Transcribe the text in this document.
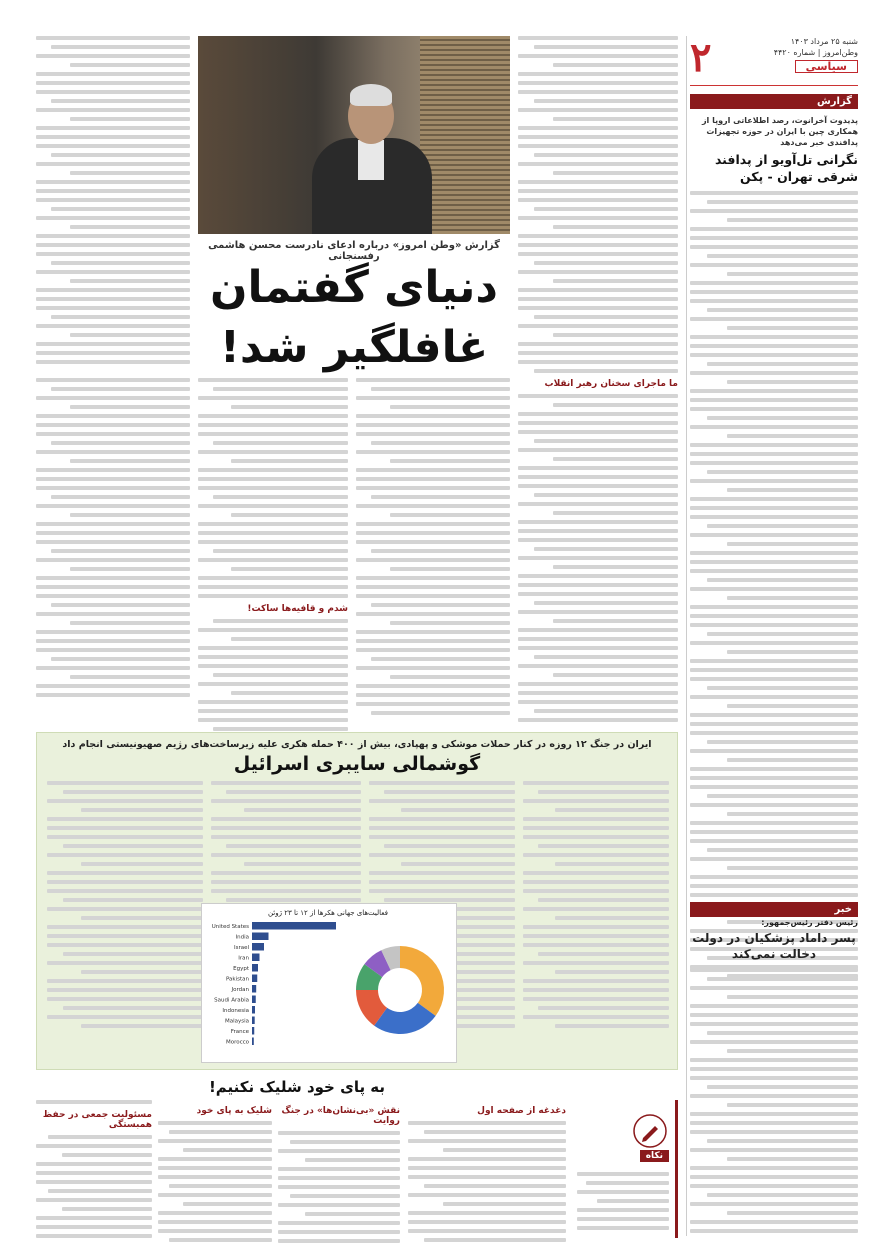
شنبه ۲۵ مرداد ۱۴۰۳
وطن‌امروز | شماره ۴۴۲۰
سیاسی
۲
گزارش
پدیدوت آخرانوت، رصد اطلاعاتی اروپا از همکاری چین با ایران در حوزه تجهیزات پدافندی خبر می‌دهد
نگرانی تل‌آویو از پدافند شرقی تهران - پکن
خبر
رئیس دفتر رئیس‌جمهور:
پسر داماد پزشکیان در دولت دخالت نمی‌کند
گزارش «وطن امروز» درباره ادعای نادرست محسن هاشمی رفسنجانی
دنیای گفتمان
غافلگیر شد!
ما ماجرای سخنان رهبر انقلاب
شدم و قافیه‌ها ساکت!
ایران در جنگ ۱۲ روزه در کنار حملات موشکی و پهپادی، بیش از ۴۰۰ حمله هکری علیه زیرساخت‌های رژیم صهیونیستی انجام داد
گوشمالی سایبری اسرائیل
فعالیت‌های جهانی هکرها از ۱۲ تا ۲۳ ژوئن
United States
India
Israel
Iran
Egypt
Pakistan
Jordan
Saudi Arabia
Indonesia
Malaysia
France
Morocco
به پای خود شلیک نکنیم!
دغدغه از صفحه اول
نقش «بی‌نشان‌ها» در جنگ روایت
شلیک به پای خود
مسئولیت جمعی در حفظ همبستگی
نکاه
